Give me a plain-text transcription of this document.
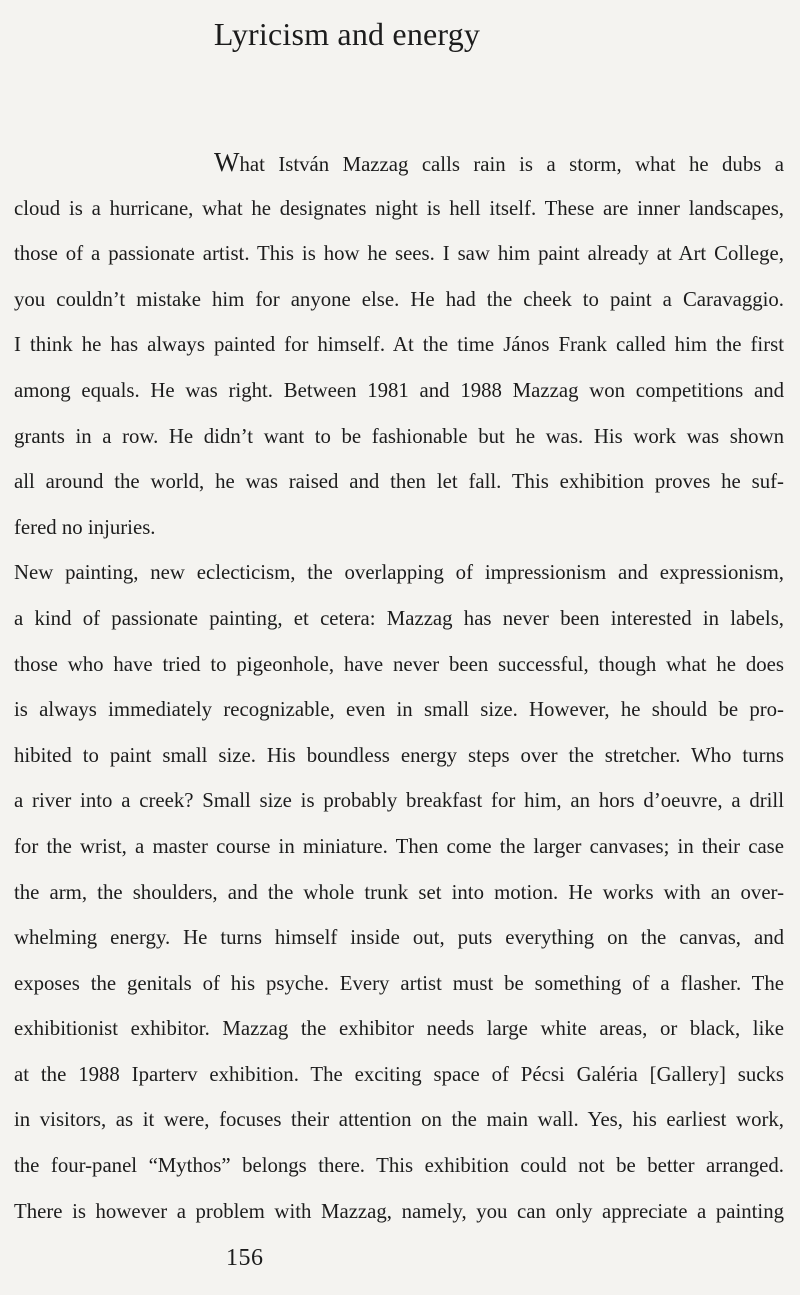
Lyricism and energy
What István Mazzag calls rain is a storm, what he dubs a
cloud is a hurricane, what he designates night is hell itself. These are inner landscapes,
those of a passionate artist. This is how he sees. I saw him paint already at Art College,
you couldn’t mistake him for anyone else. He had the cheek to paint a Caravaggio.
I think he has always painted for himself. At the time János Frank called him the first
among equals. He was right. Between 1981 and 1988 Mazzag won competitions and
grants in a row. He didn’t want to be fashionable but he was. His work was shown
all around the world, he was raised and then let fall. This exhibition proves he suf-
fered no injuries.
New painting, new eclecticism, the overlapping of impressionism and expressionism,
a kind of passionate painting, et cetera: Mazzag has never been interested in labels,
those who have tried to pigeonhole, have never been successful, though what he does
is always immediately recognizable, even in small size. However, he should be pro-
hibited to paint small size. His boundless energy steps over the stretcher. Who turns
a river into a creek? Small size is probably breakfast for him, an hors d’oeuvre, a drill
for the wrist, a master course in miniature. Then come the larger canvases; in their case
the arm, the shoulders, and the whole trunk set into motion. He works with an over-
whelming energy. He turns himself inside out, puts everything on the canvas, and
exposes the genitals of his psyche. Every artist must be something of a flasher. The
exhibitionist exhibitor. Mazzag the exhibitor needs large white areas, or black, like
at the 1988 Iparterv exhibition. The exciting space of Pécsi Galéria [Gallery] sucks
in visitors, as it were, focuses their attention on the main wall. Yes, his earliest work,
the four-panel “Mythos” belongs there. This exhibition could not be better arranged.
There is however a problem with Mazzag, namely, you can only appreciate a painting
156
